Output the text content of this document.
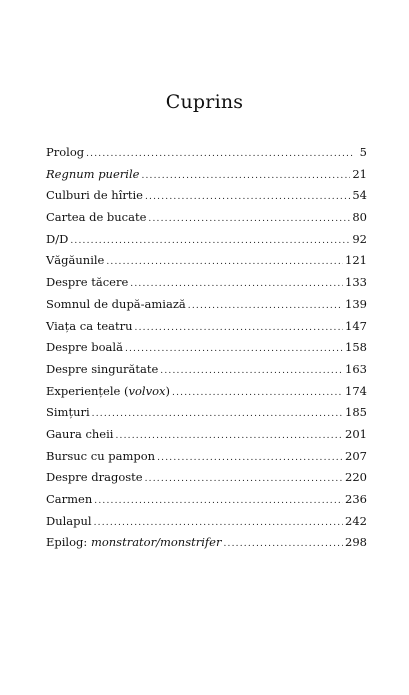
Cuprins
Prolog .....	5
Regnum puerile .....	21
Culburi de hîrtie .....	54
Cartea de bucate .....	80
D/D .....	92
Văgăunile .....	121
Despre tăcere .....	133
Somnul de după-amiază .....	139
Viața ca teatru .....	147
Despre boală .....	158
Despre singurătate .....	163
Experiențele (volvox) .....	174
Simțuri .....	185
Gaura cheii .....	201
Bursuc cu pampon .....	207
Despre dragoste .....	220
Carmen .....	236
Dulapul .....	242
Epilog: monstrator/monstrifer .....	298
